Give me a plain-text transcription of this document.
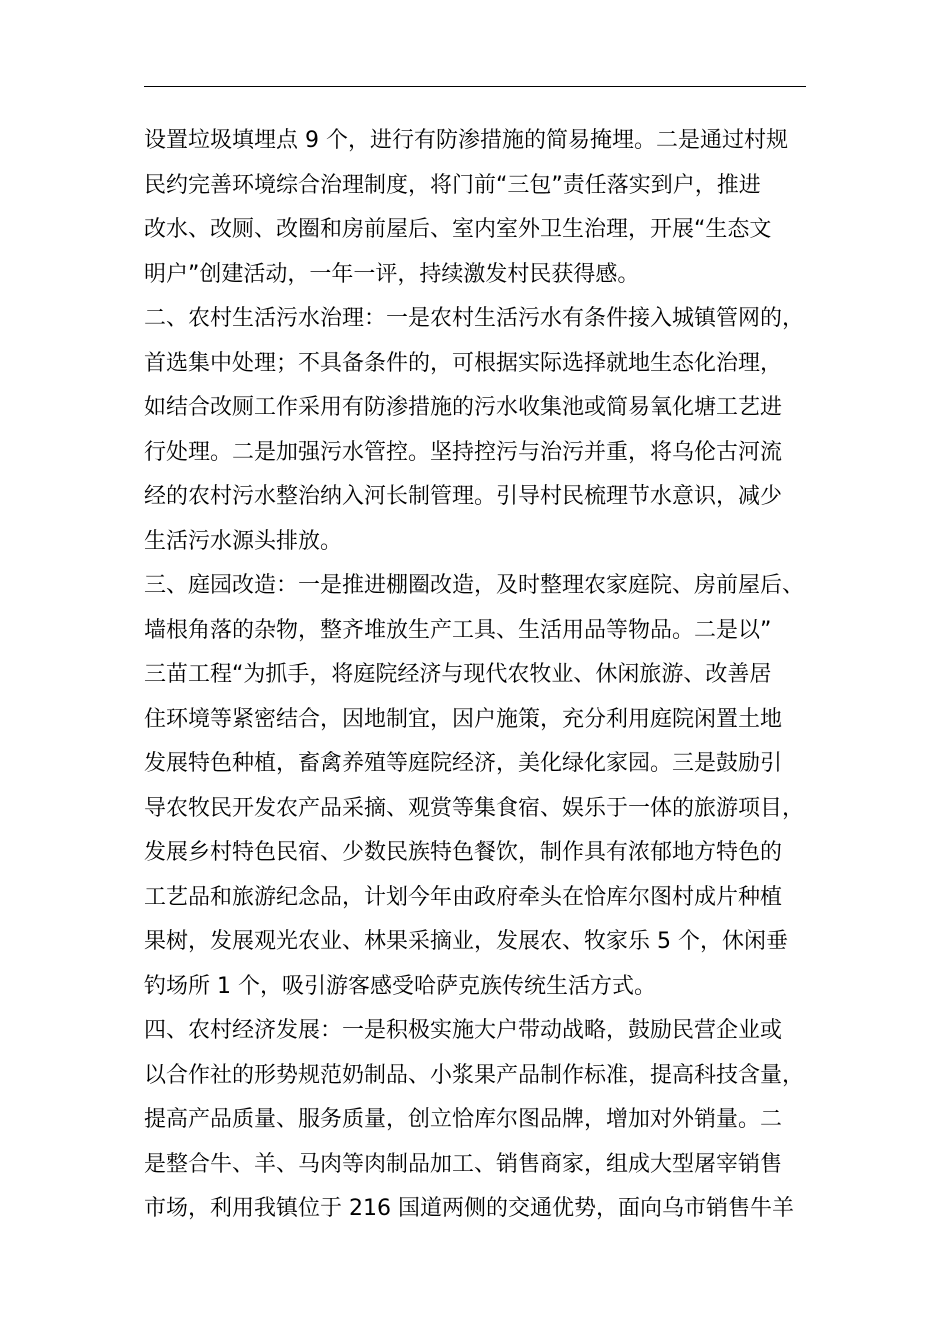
设置垃圾填埋点 9 个，进行有防渗措施的简易掩埋。二是通过村规
民约完善环境综合治理制度，将门前“三包”责任落实到户，推进
改水、改厕、改圈和房前屋后、室内室外卫生治理，开展“生态文
明户”创建活动，一年一评，持续激发村民获得感。
二、农村生活污水治理：一是农村生活污水有条件接入城镇管网的，
首选集中处理；不具备条件的，可根据实际选择就地生态化治理，
如结合改厕工作采用有防渗措施的污水收集池或简易氧化塘工艺进
行处理。二是加强污水管控。坚持控污与治污并重，将乌伦古河流
经的农村污水整治纳入河长制管理。引导村民梳理节水意识，减少
生活污水源头排放。
三、庭园改造：一是推进棚圈改造，及时整理农家庭院、房前屋后、
墙根角落的杂物，整齐堆放生产工具、生活用品等物品。二是以”
三苗工程“为抓手，将庭院经济与现代农牧业、休闲旅游、改善居
住环境等紧密结合，因地制宜，因户施策，充分利用庭院闲置土地
发展特色种植，畜禽养殖等庭院经济，美化绿化家园。三是鼓励引
导农牧民开发农产品采摘、观赏等集食宿、娱乐于一体的旅游项目，
发展乡村特色民宿、少数民族特色餐饮，制作具有浓郁地方特色的
工艺品和旅游纪念品，计划今年由政府牵头在恰库尔图村成片种植
果树，发展观光农业、林果采摘业，发展农、牧家乐 5 个，休闲垂
钓场所 1 个，吸引游客感受哈萨克族传统生活方式。
四、农村经济发展：一是积极实施大户带动战略，鼓励民营企业或
以合作社的形势规范奶制品、小浆果产品制作标准，提高科技含量，
提高产品质量、服务质量，创立恰库尔图品牌，增加对外销量。二
是整合牛、羊、马肉等肉制品加工、销售商家，组成大型屠宰销售
市场，利用我镇位于 216 国道两侧的交通优势，面向乌市销售牛羊
